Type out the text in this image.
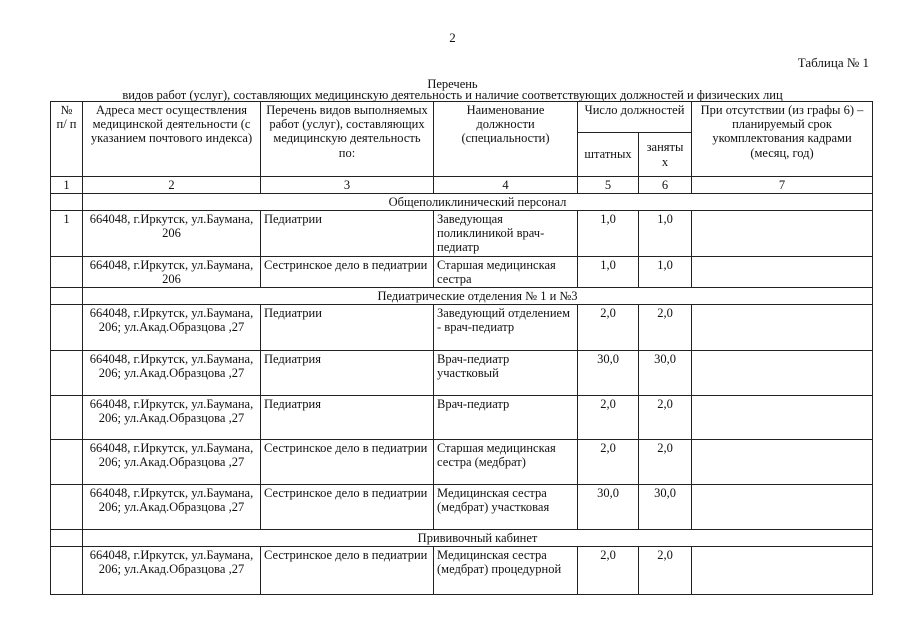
2
Таблица № 1
Перечень
видов работ (услуг), составляющих медицинскую деятельность и наличие соответствующих должностей и физических лиц
№ п/ п	Адреса мест осуществления медицинской деятельности (с указанием почтового индекса)	Перечень видов выполняемых работ (услуг), составляющих медицинскую деятельность по:	Наименование должности (специальности)	Число должностей		При отсутствии (из графы 6) – планируемый срок укомплектования кадрами (месяц, год)
				штатных	заняты х	
1	2	3	4	5	6	7
	Общеполиклинический персонал					
1	664048, г.Иркутск, ул.Баумана, 206	Педиатрии	Заведующая поликлиникой врач-педиатр	1,0	1,0	
	664048, г.Иркутск, ул.Баумана, 206	Сестринское дело в педиатрии	Старшая медицинская сестра	1,0	1,0	
	Педиатрические отделения № 1 и №3					
	664048, г.Иркутск, ул.Баумана, 206; ул.Акад.Образцова ,27	Педиатрии	Заведующий отделением - врач-педиатр	2,0	2,0	
	664048, г.Иркутск, ул.Баумана, 206; ул.Акад.Образцова ,27	Педиатрия	Врач-педиатр участковый	30,0	30,0	
	664048, г.Иркутск, ул.Баумана, 206; ул.Акад.Образцова ,27	Педиатрия	Врач-педиатр	2,0	2,0	
	664048, г.Иркутск, ул.Баумана, 206; ул.Акад.Образцова ,27	Сестринское дело в педиатрии	Старшая медицинская сестра (медбрат)	2,0	2,0	
	664048, г.Иркутск, ул.Баумана, 206; ул.Акад.Образцова ,27	Сестринское дело в педиатрии	Медицинская сестра (медбрат) участковая	30,0	30,0	
	Прививочный кабинет					
	664048, г.Иркутск, ул.Баумана, 206; ул.Акад.Образцова ,27	Сестринское дело в педиатрии	Медицинская сестра (медбрат) процедурной	2,0	2,0	
